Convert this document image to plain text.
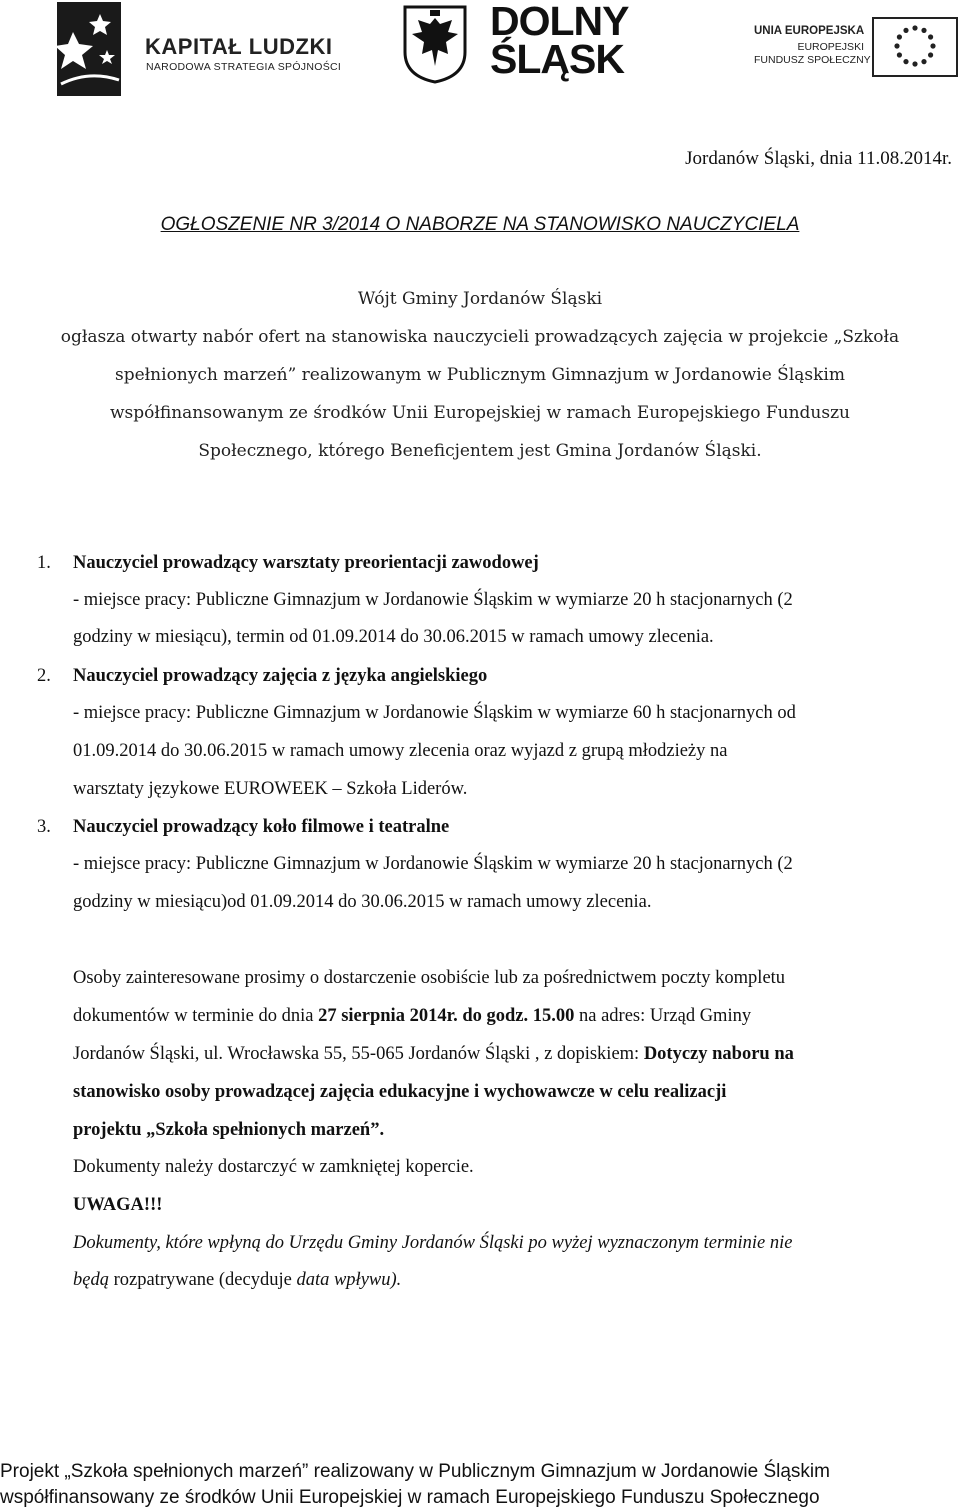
KAPITAŁ LUDZKI
NARODOWA STRATEGIA SPÓJNOŚCI
DOLNY
ŚLĄSK
UNIA EUROPEJSKA
EUROPEJSKI
FUNDUSZ SPOŁECZNY
Jordanów Śląski, dnia 11.08.2014r.
OGŁOSZENIE NR 3/2014 O NABORZE NA STANOWISKO NAUCZYCIELA
Wójt Gminy Jordanów Śląski
ogłasza otwarty nabór ofert na stanowiska nauczycieli prowadzących zajęcia w projekcie „Szkoła
spełnionych marzeń” realizowanym w Publicznym Gimnazjum w Jordanowie Śląskim
współfinansowanym ze środków Unii Europejskiej w ramach Europejskiego Funduszu
Społecznego, którego Beneficjentem jest Gmina Jordanów Śląski.
1. Nauczyciel prowadzący warsztaty preorientacji zawodowej
- miejsce pracy: Publiczne Gimnazjum w Jordanowie Śląskim w wymiarze 20 h stacjonarnych (2
godziny w miesiącu), termin od 01.09.2014 do 30.06.2015 w ramach umowy zlecenia.
2. Nauczyciel prowadzący zajęcia z języka angielskiego
- miejsce pracy: Publiczne Gimnazjum w Jordanowie Śląskim w wymiarze 60 h stacjonarnych od
01.09.2014 do 30.06.2015 w ramach umowy zlecenia oraz wyjazd z grupą młodzieży na
warsztaty językowe EUROWEEK – Szkoła Liderów.
3. Nauczyciel prowadzący koło filmowe i teatralne
- miejsce pracy: Publiczne Gimnazjum w Jordanowie Śląskim w wymiarze 20 h stacjonarnych (2
godziny w miesiącu)od 01.09.2014 do 30.06.2015 w ramach umowy zlecenia.
Osoby zainteresowane prosimy o dostarczenie osobiście lub za pośrednictwem poczty kompletu
dokumentów w terminie do dnia 27 sierpnia 2014r. do godz. 15.00 na adres: Urząd Gminy
Jordanów Śląski, ul. Wrocławska 55, 55-065 Jordanów Śląski , z dopiskiem: Dotyczy naboru na
stanowisko osoby prowadzącej zajęcia edukacyjne i wychowawcze w celu realizacji
projektu „Szkoła spełnionych marzeń”.
Dokumenty należy dostarczyć w zamkniętej kopercie.
UWAGA!!!
Dokumenty, które wpłyną do Urzędu Gminy Jordanów Śląski po wyżej wyznaczonym terminie nie
będą rozpatrywane (decyduje data wpływu).
Projekt „Szkoła spełnionych marzeń” realizowany w Publicznym Gimnazjum w Jordanowie Śląskim
współfinansowany ze środków Unii Europejskiej w ramach Europejskiego Funduszu Społecznego
